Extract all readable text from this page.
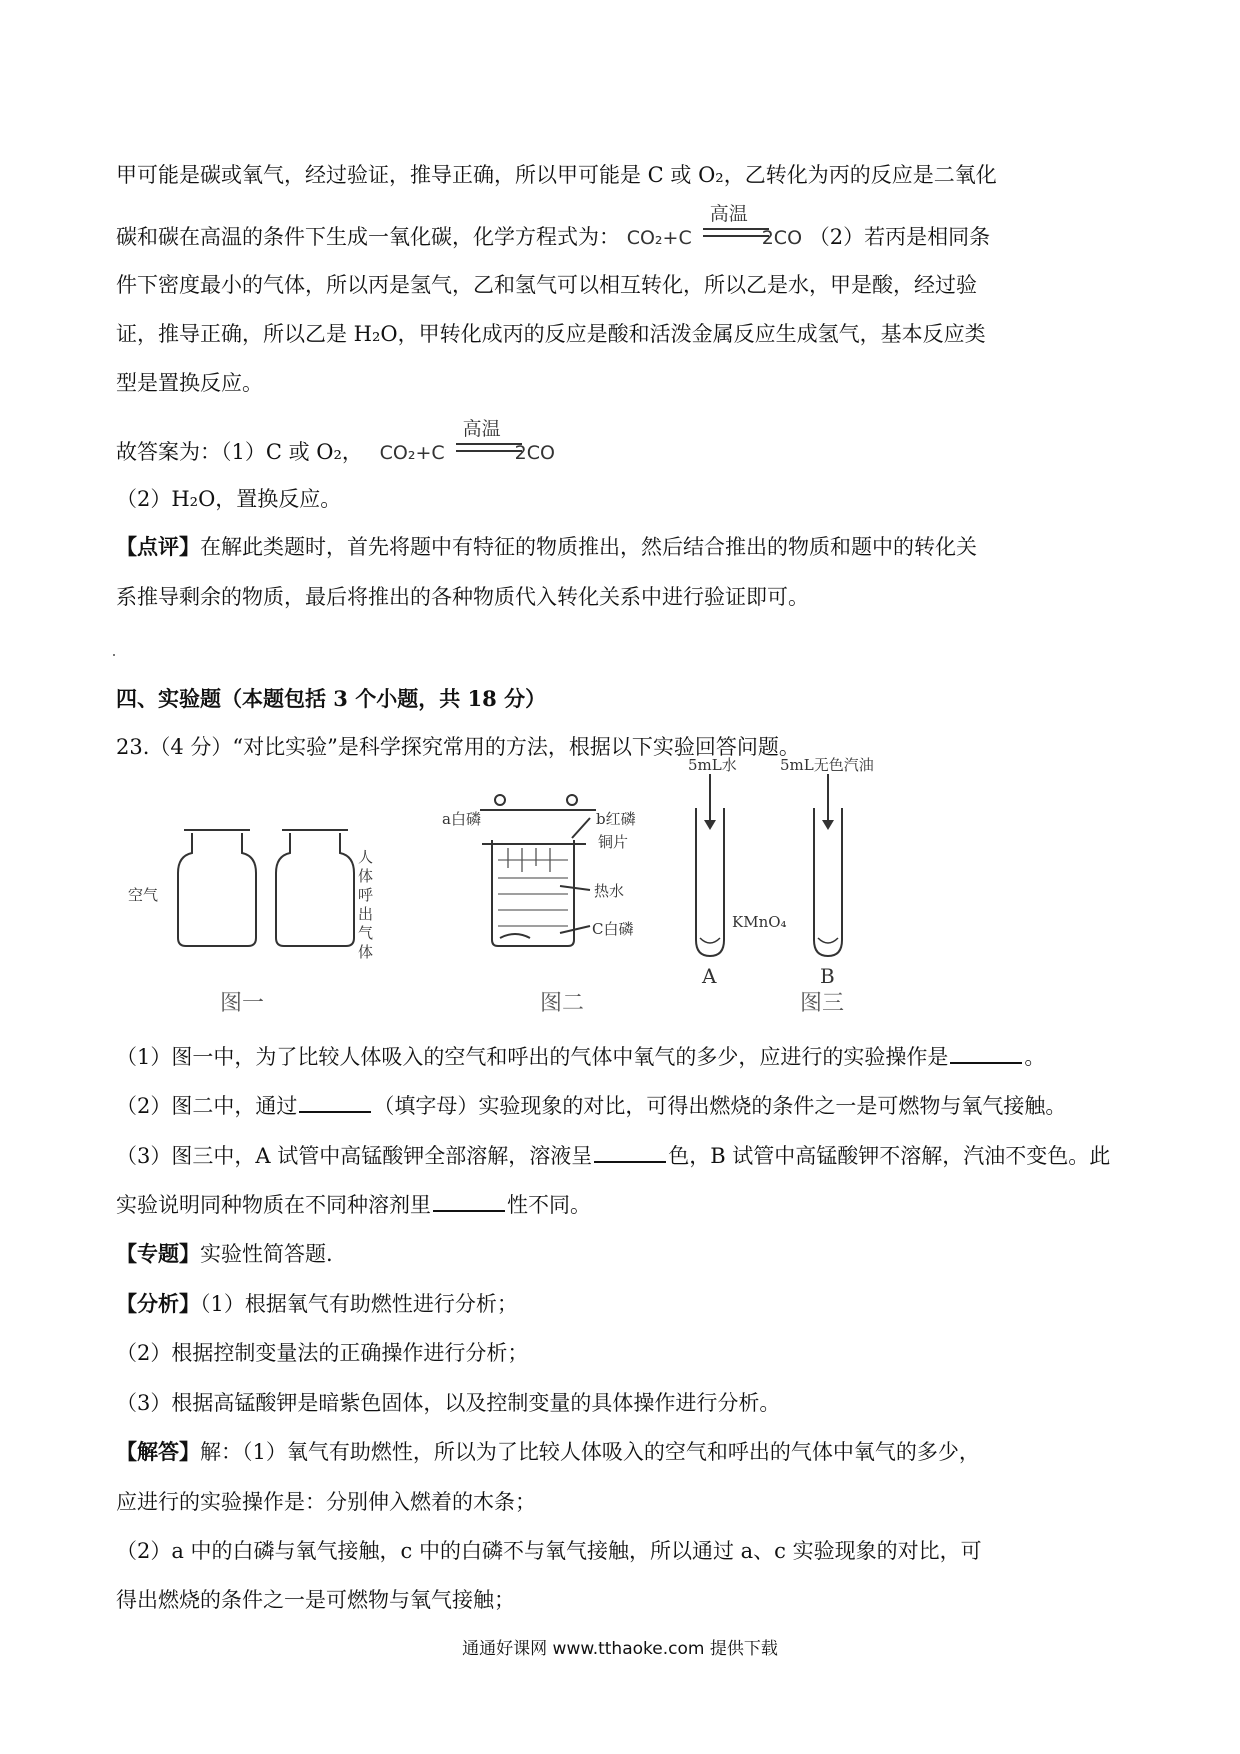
甲可能是碳或氧气，经过验证，推导正确，所以甲可能是 C 或 O₂，乙转化为丙的反应是二氧化
碳和碳在高温的条件下生成一氧化碳，化学方程式为： CO₂+C
高温
2CO （2）若丙是相同条
件下密度最小的气体，所以丙是氢气，乙和氢气可以相互转化，所以乙是水，甲是酸，经过验
证，推导正确，所以乙是 H₂O，甲转化成丙的反应是酸和活泼金属反应生成氢气，基本反应类
型是置换反应。
故答案为：（1）C 或 O₂， CO₂+C
高温
2CO
（2）H₂O，置换反应。
【点评】在解此类题时，首先将题中有特征的物质推出，然后结合推出的物质和题中的转化关
系推导剩余的物质，最后将推出的各种物质代入转化关系中进行验证即可。
四、实验题（本题包括 3 个小题，共 18 分）
23.（4 分）“对比实验”是科学探究常用的方法，根据以下实验回答问题。
空气
人体呼出气体
图一
a白磷	b红磷
铜片
热水
C白磷
图二
5mL水	5mL无色汽油
KMnO₄
A	B
图三
（1）图一中，为了比较人体吸入的空气和呼出的气体中氧气的多少，应进行的实验操作是	。
（2）图二中，通过	（填字母）实验现象的对比，可得出燃烧的条件之一是可燃物与氧气接触。
（3）图三中，A 试管中高锰酸钾全部溶解，溶液呈	色，B 试管中高锰酸钾不溶解，汽油不变色。此
实验说明同种物质在不同种溶剂里	性不同。
【专题】实验性简答题.
【分析】（1）根据氧气有助燃性进行分析；
（2）根据控制变量法的正确操作进行分析；
（3）根据高锰酸钾是暗紫色固体，以及控制变量的具体操作进行分析。
【解答】解：（1）氧气有助燃性，所以为了比较人体吸入的空气和呼出的气体中氧气的多少，
应进行的实验操作是：分别伸入燃着的木条；
（2）a 中的白磷与氧气接触，c 中的白磷不与氧气接触，所以通过 a、c 实验现象的对比，可
得出燃烧的条件之一是可燃物与氧气接触；
通通好课网 www.tthaoke.com 提供下载
